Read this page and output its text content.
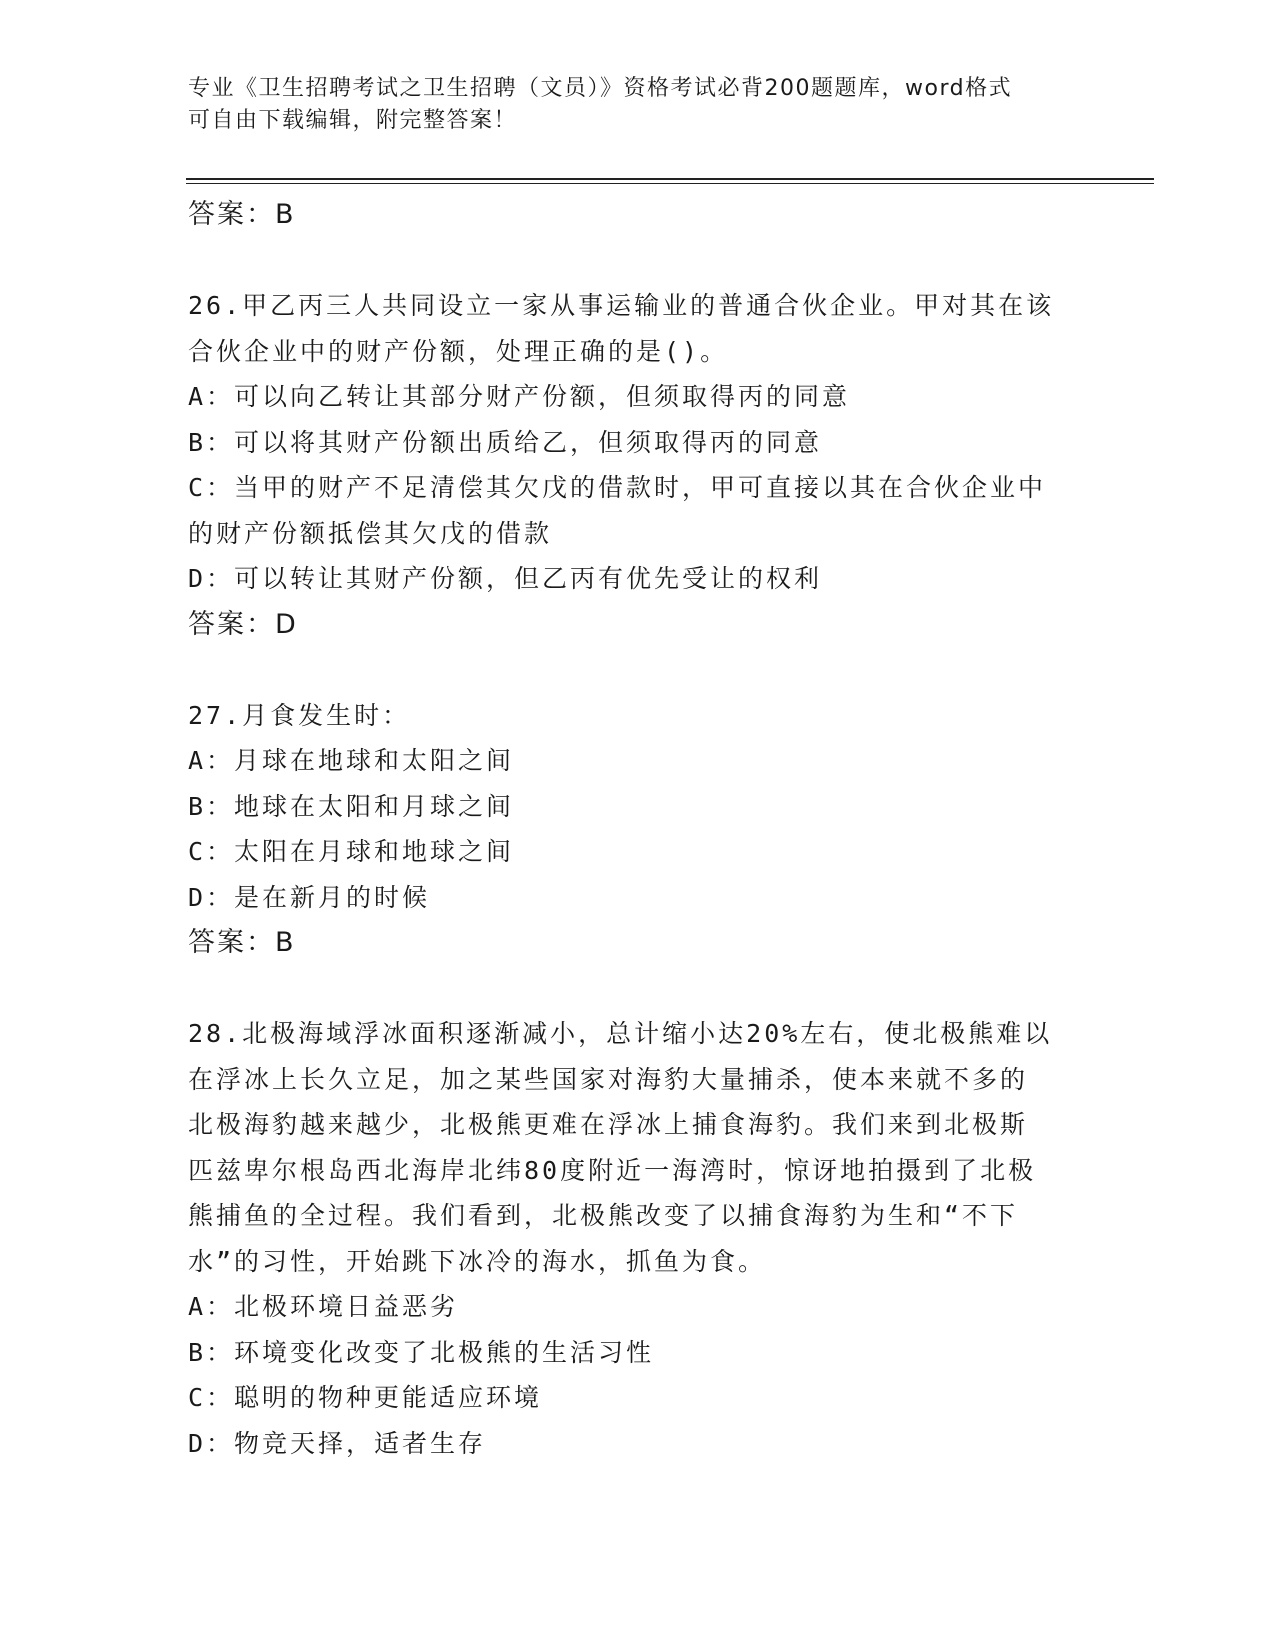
专业《卫生招聘考试之卫生招聘（文员）》资格考试必背200题题库，word格式
可自由下载编辑，附完整答案！
答案：B
26.甲乙丙三人共同设立一家从事运输业的普通合伙企业。甲对其在该
合伙企业中的财产份额，处理正确的是()。
A：可以向乙转让其部分财产份额，但须取得丙的同意
B：可以将其财产份额出质给乙，但须取得丙的同意
C：当甲的财产不足清偿其欠戊的借款时，甲可直接以其在合伙企业中
的财产份额抵偿其欠戊的借款
D：可以转让其财产份额，但乙丙有优先受让的权利
答案：D
27.月食发生时：
A：月球在地球和太阳之间
B：地球在太阳和月球之间
C：太阳在月球和地球之间
D：是在新月的时候
答案：B
28.北极海域浮冰面积逐渐减小，总计缩小达20%左右，使北极熊难以
在浮冰上长久立足，加之某些国家对海豹大量捕杀，使本来就不多的
北极海豹越来越少，北极熊更难在浮冰上捕食海豹。我们来到北极斯
匹兹卑尔根岛西北海岸北纬80度附近一海湾时，惊讶地拍摄到了北极
熊捕鱼的全过程。我们看到，北极熊改变了以捕食海豹为生和“不下
水”的习性，开始跳下冰冷的海水，抓鱼为食。
A：北极环境日益恶劣
B：环境变化改变了北极熊的生活习性
C：聪明的物种更能适应环境
D：物竞天择，适者生存
